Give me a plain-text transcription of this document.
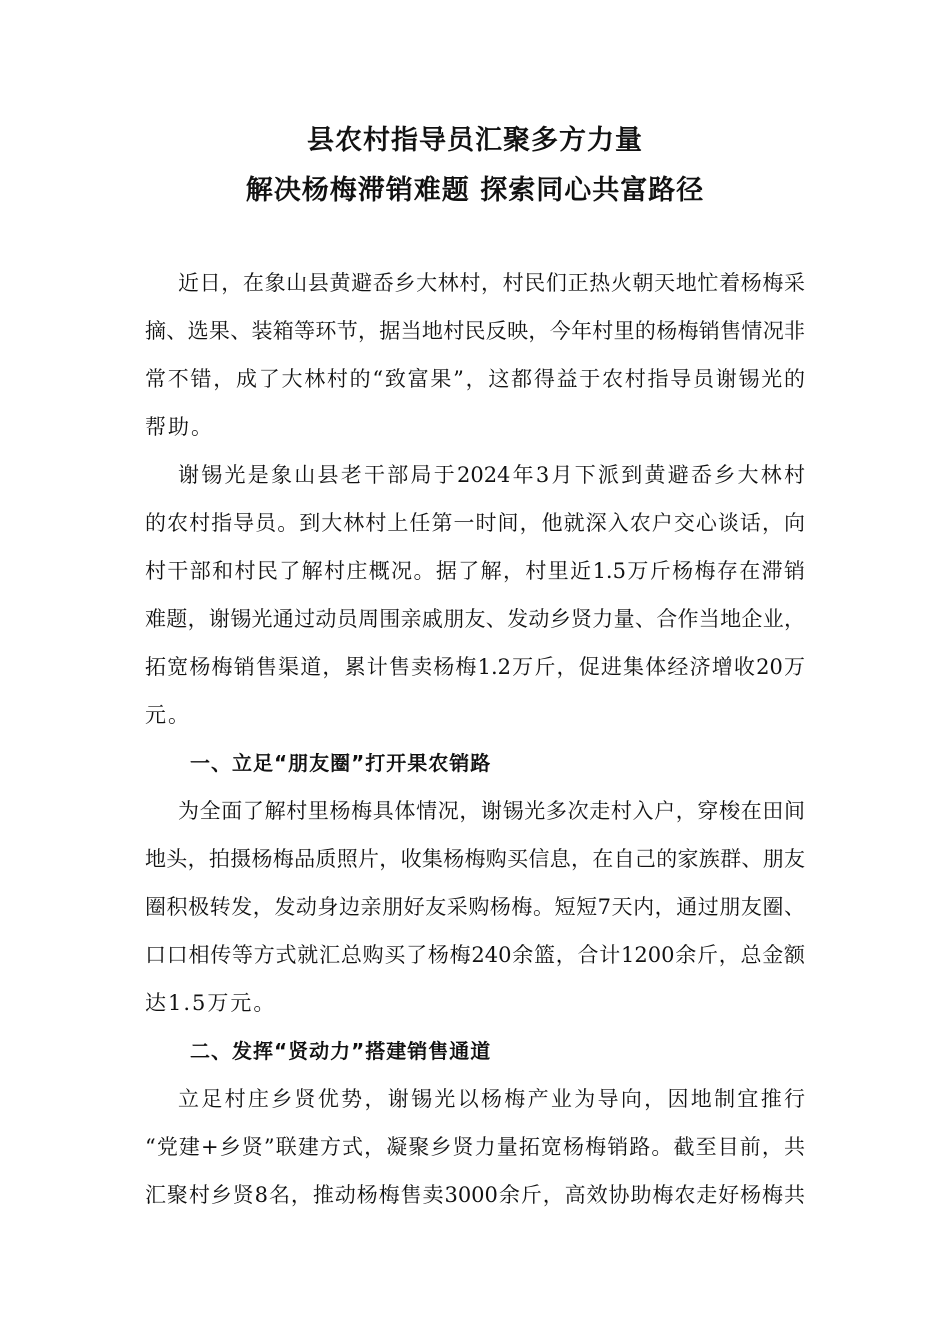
县农村指导员汇聚多方力量
解决杨梅滞销难题 探索同心共富路径
近日，在象山县黄避岙乡大林村，村民们正热火朝天地忙着杨梅采
摘、选果、装箱等环节，据当地村民反映，今年村里的杨梅销售情况非
常不错，成了大林村的“致富果”，这都得益于农村指导员谢锡光的
帮助。
谢锡光是象山县老干部局于2024年3月下派到黄避岙乡大林村
的农村指导员。到大林村上任第一时间，他就深入农户交心谈话，向
村干部和村民了解村庄概况。据了解，村里近1.5万斤杨梅存在滞销
难题，谢锡光通过动员周围亲戚朋友、发动乡贤力量、合作当地企业，
拓宽杨梅销售渠道，累计售卖杨梅1.2万斤，促进集体经济增收20万
元。
一、立足“朋友圈”打开果农销路
为全面了解村里杨梅具体情况，谢锡光多次走村入户，穿梭在田间
地头，拍摄杨梅品质照片，收集杨梅购买信息，在自己的家族群、朋友
圈积极转发，发动身边亲朋好友采购杨梅。短短7天内，通过朋友圈、
口口相传等方式就汇总购买了杨梅240余篮，合计1200余斤，总金额
达1.5万元。
二、发挥“贤动力”搭建销售通道
立足村庄乡贤优势，谢锡光以杨梅产业为导向，因地制宜推行
“党建+乡贤”联建方式，凝聚乡贤力量拓宽杨梅销路。截至目前，共
汇聚村乡贤8名，推动杨梅售卖3000余斤，高效协助梅农走好杨梅共
